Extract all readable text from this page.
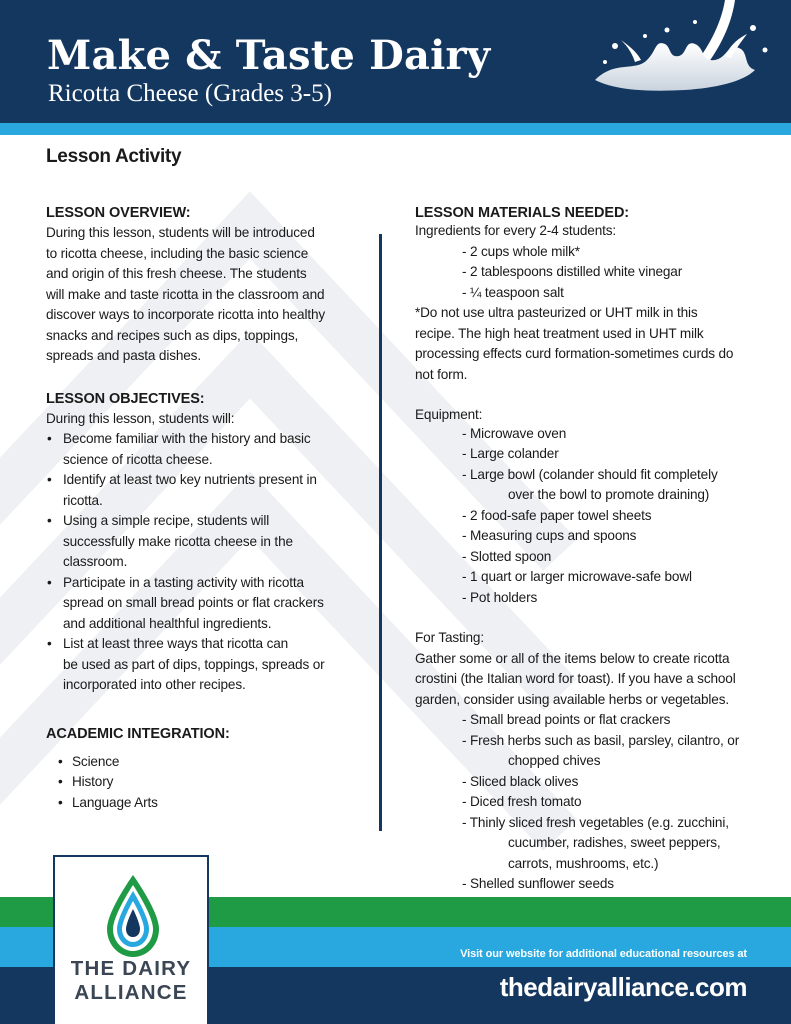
Make & Taste Dairy
Ricotta Cheese (Grades 3-5)
Lesson Activity
LESSON OVERVIEW:
During this lesson, students will be introduced
to ricotta cheese, including the basic science
and origin of this fresh cheese. The students
will make and taste ricotta in the classroom and
discover ways to incorporate ricotta into healthy
snacks and recipes such as dips, toppings,
spreads and pasta dishes.
LESSON OBJECTIVES:
During this lesson, students will:
• Become familiar with the history and basic
science of ricotta cheese.
• Identify at least two key nutrients present in
ricotta.
• Using a simple recipe, students will
successfully make ricotta cheese in the
classroom.
• Participate in a tasting activity with ricotta
spread on small bread points or flat crackers
and additional healthful ingredients.
• List at least three ways that ricotta can
be used as part of dips, toppings, spreads or
incorporated into other recipes.
ACADEMIC INTEGRATION:
• Science
• History
• Language Arts
LESSON MATERIALS NEEDED:
Ingredients for every 2-4 students:
- 2 cups whole milk*
- 2 tablespoons distilled white vinegar
- ¼ teaspoon salt
*Do not use ultra pasteurized or UHT milk in this
recipe. The high heat treatment used in UHT milk
processing effects curd formation-sometimes curds do
not form.
Equipment:
- Microwave oven
- Large colander
- Large bowl (colander should fit completely
over the bowl to promote draining)
- 2 food-safe paper towel sheets
- Measuring cups and spoons
- Slotted spoon
- 1 quart or larger microwave-safe bowl
- Pot holders
For Tasting:
Gather some or all of the items below to create ricotta
crostini (the Italian word for toast). If you have a school
garden, consider using available herbs or vegetables.
- Small bread points or flat crackers
- Fresh herbs such as basil, parsley, cilantro, or
chopped chives
- Sliced black olives
- Diced fresh tomato
- Thinly sliced fresh vegetables (e.g. zucchini,
cucumber, radishes, sweet peppers,
carrots, mushrooms, etc.)
- Shelled sunflower seeds
Visit our website for additional educational resources at
thedairyalliance.com
THE DAIRY
ALLIANCE
